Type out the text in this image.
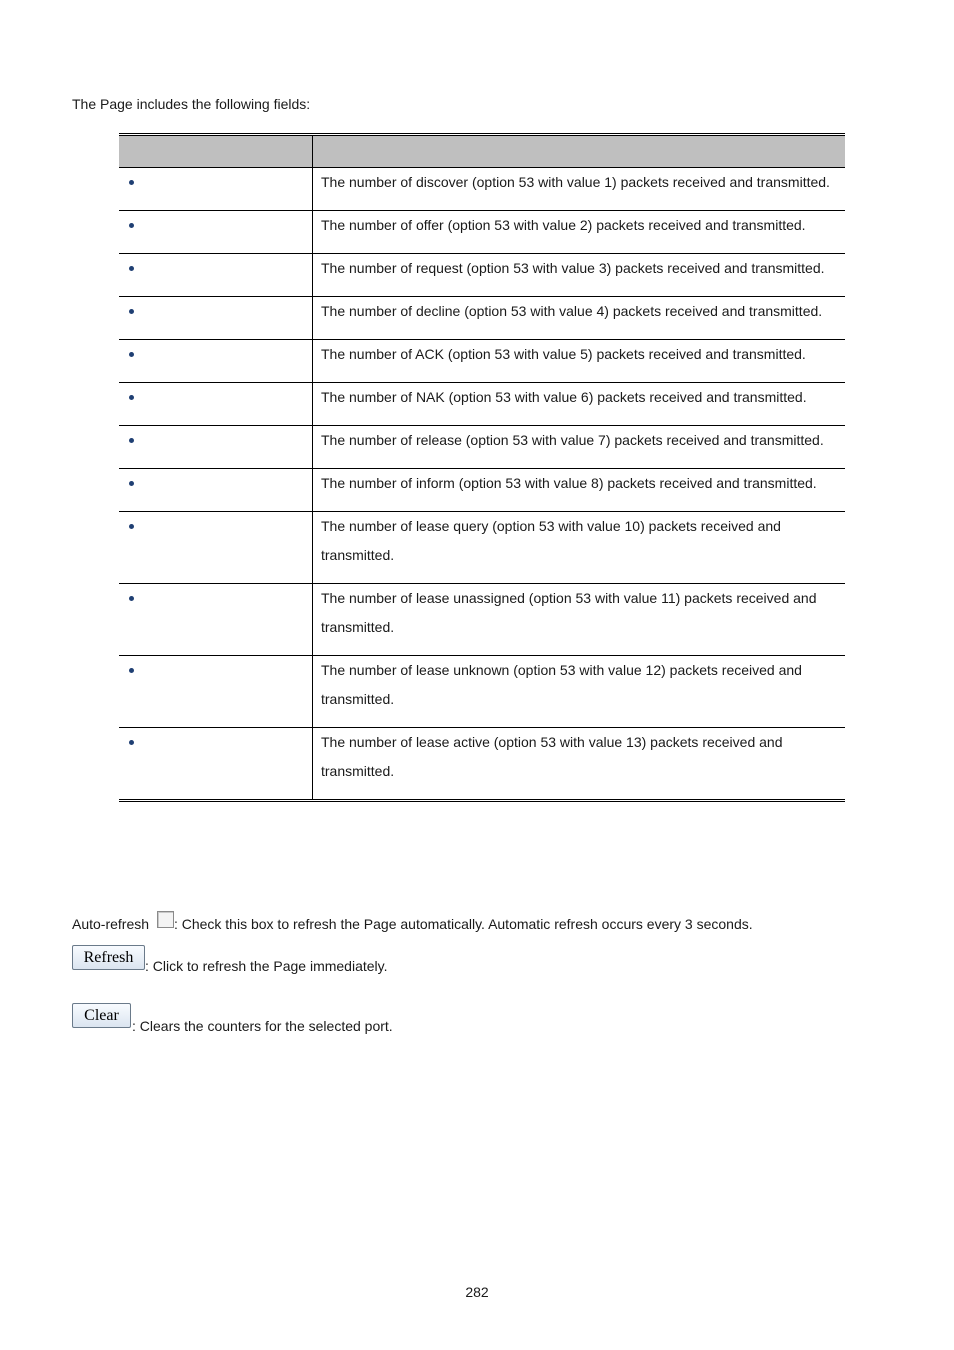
The Page includes the following fields:

	The number of discover (option 53 with value 1) packets received and transmitted.

	The number of offer (option 53 with value 2) packets received and transmitted.

	The number of request (option 53 with value 3) packets received and transmitted.

	The number of decline (option 53 with value 4) packets received and transmitted.

	The number of ACK (option 53 with value 5) packets received and transmitted.

	The number of NAK (option 53 with value 6) packets received and transmitted.

	The number of release (option 53 with value 7) packets received and transmitted.

	The number of inform (option 53 with value 8) packets received and transmitted.

	The number of lease query (option 53 with value 10) packets received and transmitted.

	The number of lease unassigned (option 53 with value 11) packets received and transmitted.

	The number of lease unknown (option 53 with value 12) packets received and transmitted.

	The number of lease active (option 53 with value 13) packets received and transmitted.
Auto-refresh : Check this box to refresh the Page automatically. Automatic refresh occurs every 3 seconds.
Refresh : Click to refresh the Page immediately.
Clear
: Clears the counters for the selected port.
282
